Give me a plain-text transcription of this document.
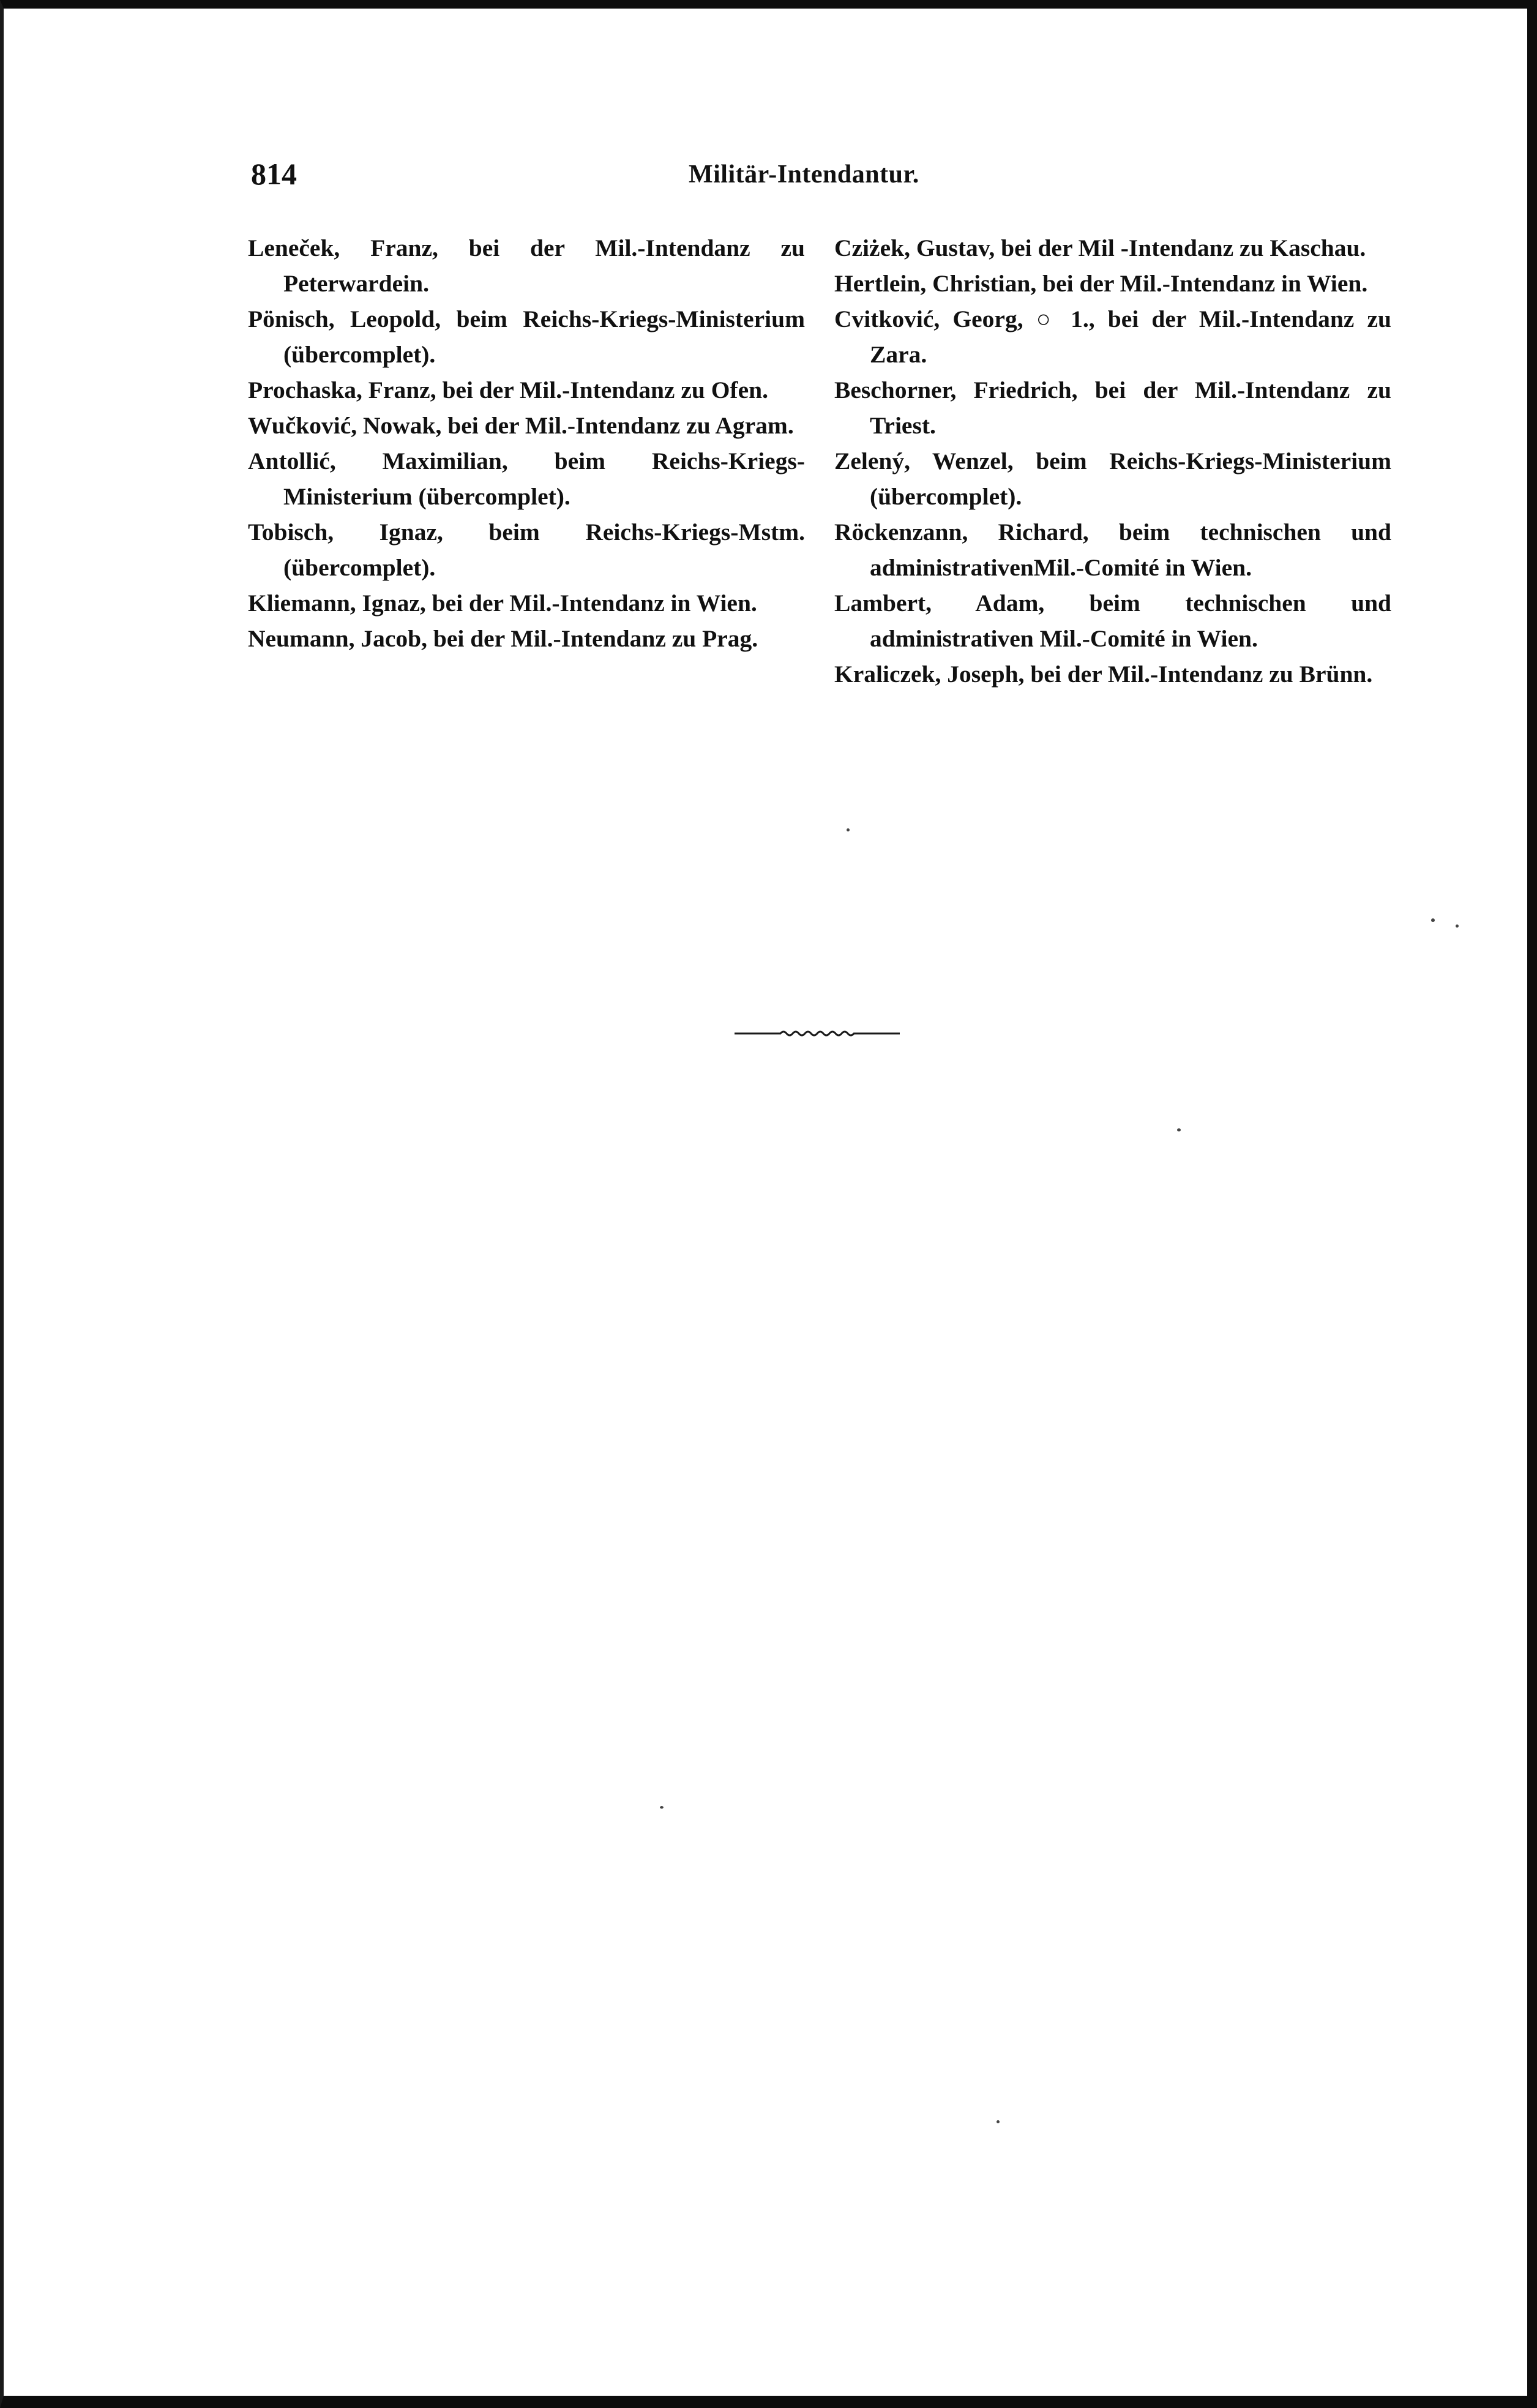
814	Militär-Intendantur.

Leneček, Franz, bei der Mil.-Intendanz zu Peterwardein.

Pönisch, Leopold, beim Reichs-Kriegs-Ministerium (übercomplet).

Prochaska, Franz, bei der Mil.-Intendanz zu Ofen.

Wučković, Nowak, bei der Mil.-Intendanz zu Agram.

Antollić, Maximilian, beim Reichs-Kriegs-Ministerium (übercomplet).

Tobisch, Ignaz, beim Reichs-Kriegs-Mstm. (übercomplet).

Kliemann, Ignaz, bei der Mil.-Intendanz in Wien.

Neumann, Jacob, bei der Mil.-Intendanz zu Prag.

Cziżek, Gustav, bei der Mil -Intendanz zu Kaschau.

Hertlein, Christian, bei der Mil.-Intendanz in Wien.

Cvitković, Georg, ○ 1., bei der Mil.-Intendanz zu Zara.

Beschorner, Friedrich, bei der Mil.-Intendanz zu Triest.

Zelený, Wenzel, beim Reichs-Kriegs-Ministerium (übercomplet).

Röckenzann, Richard, beim technischen und administrativenMil.-Comité in Wien.

Lambert, Adam, beim technischen und administrativen Mil.-Comité in Wien.

Kraliczek, Joseph, bei der Mil.-Intendanz zu Brünn.
